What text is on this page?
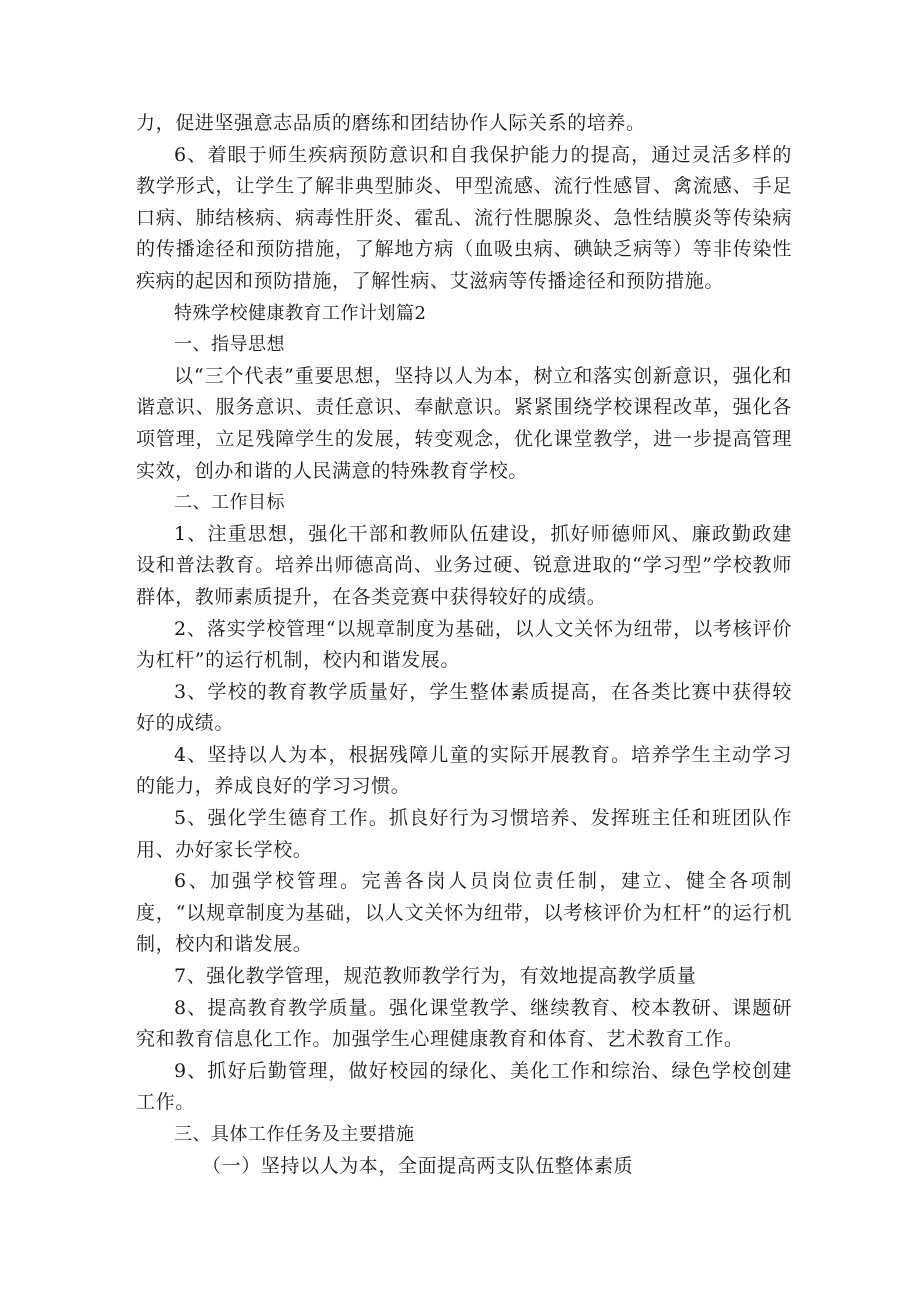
力，促进坚强意志品质的磨练和团结协作人际关系的培养。

6、着眼于师生疾病预防意识和自我保护能力的提高，通过灵活多样的教学形式，让学生了解非典型肺炎、甲型流感、流行性感冒、禽流感、手足口病、肺结核病、病毒性肝炎、霍乱、流行性腮腺炎、急性结膜炎等传染病的传播途径和预防措施，了解地方病（血吸虫病、碘缺乏病等）等非传染性疾病的起因和预防措施，了解性病、艾滋病等传播途径和预防措施。

特殊学校健康教育工作计划篇2

一、指导思想

以“三个代表”重要思想，坚持以人为本，树立和落实创新意识，强化和谐意识、服务意识、责任意识、奉献意识。紧紧围绕学校课程改革，强化各项管理，立足残障学生的发展，转变观念，优化课堂教学，进一步提高管理实效，创办和谐的人民满意的特殊教育学校。

二、工作目标

1、注重思想，强化干部和教师队伍建设，抓好师德师风、廉政勤政建设和普法教育。培养出师德高尚、业务过硬、锐意进取的“学习型”学校教师群体，教师素质提升，在各类竞赛中获得较好的成绩。

2、落实学校管理“以规章制度为基础，以人文关怀为纽带，以考核评价为杠杆”的运行机制，校内和谐发展。

3、学校的教育教学质量好，学生整体素质提高，在各类比赛中获得较好的成绩。

4、坚持以人为本，根据残障儿童的实际开展教育。培养学生主动学习的能力，养成良好的学习习惯。

5、强化学生德育工作。抓良好行为习惯培养、发挥班主任和班团队作用、办好家长学校。

6、加强学校管理。完善各岗人员岗位责任制，建立、健全各项制度，“以规章制度为基础，以人文关怀为纽带，以考核评价为杠杆”的运行机制，校内和谐发展。

7、强化教学管理，规范教师教学行为，有效地提高教学质量

8、提高教育教学质量。强化课堂教学、继续教育、校本教研、课题研究和教育信息化工作。加强学生心理健康教育和体育、艺术教育工作。

9、抓好后勤管理，做好校园的绿化、美化工作和综治、绿色学校创建工作。

三、具体工作任务及主要措施

（一）坚持以人为本，全面提高两支队伍整体素质
